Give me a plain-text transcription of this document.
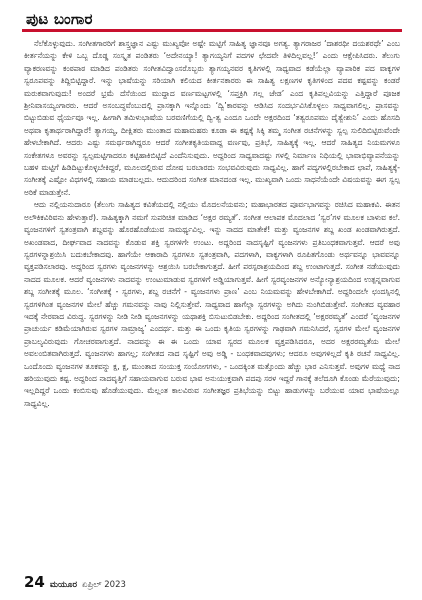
ಪುಟ ಬಂಗಾರ

ನೆಲೆಕೊಳ್ಳುವುದು. ಸಂಗೀತಗಾರರಿಗೆ ಶಾಸ್ತ್ರಜ್ಞಾನ ಎಷ್ಟು ಮುಖ್ಯವೋ ಅಷ್ಟೇ ಮಟ್ಟಿಗೆ ಸಾಹಿತ್ಯ ಜ್ಞಾನವೂ ಅಗತ್ಯ. ತ್ಯಾಗರಾಜರ ‘ದಾಶರಥೀ ದಯಶರಧೇ’ ಎಂಬ ಕೀರ್ತನೆಯನ್ನು ಕೇಳಿ ಒಬ್ಬ ದೊಡ್ಡ ಸಂಸ್ಕೃತ ಪಂಡಿತರು ‘ಅದೇನಯ್ಯಾ! ತ್ಯಾಗಯ್ಯನಿಗೆ ಪದಗಳ ಛೇದವೇ ತಿಳಿದಿಲ್ಲವಲ್ಲ!’ ಎಂದು ಆಕ್ಷೇಪಿಸಿದರು. ತೆಲುಗು ವ್ಯಾಕರಣವನ್ನು ಕಂಠಪಾಠ ಮಾಡಿದ ಪಂಡಿತರು ಸಂಗೀತವಿದ್ವಾಂಸರೊಬ್ಬರು ತ್ಯಾಗಯ್ಯನವರ ಕೃತಿಗಳಲ್ಲಿ ಸಾಧ್ಯವಾದ ಕಡೆಯೆಲ್ಲಾ ವ್ಯಾಪಾರಿಕ ಪದ ವಾಕ್ಯಗಳ ಸ್ವರೂಪವನ್ನು ತಿದ್ದಿಬಿಟ್ಟಿದ್ದಾರೆ. ಇನ್ನು ಭಾಷೆಯನ್ನು ಸರಿಯಾಗಿ ಕಲಿಯದ ಕೀರ್ತನಕಾರರು ಈ ಸಾಹಿತ್ಯ ಲಕ್ಷಣಗಳ ಕೃತಿಗಳಿಂದ ಪದವ ಕಷ್ಟವನ್ನು ಕಂಡರೆ ಮರುಕವಾಗುವುದು! ಅಂದರೆ ಭ್ರಮೆ ದೆಸೆಯಿಂದ ಮುದ್ದಾದ ವರ್ಣಮಟ್ಟಗಳಲ್ಲಿ ‘ಸಪ್ತಕ್ರಿಗಿ ಗಲ್ಲ ಜೇಡ’ ಎಂದ ಕೃತಿಪಲ್ಲವಿಯನ್ನು ಎತ್ತಿದ್ದಾರೆ ಪೂಜಕ ಶ್ರೀನಿವಾಸಯ್ಯಂಗಾರರು. ಆದರೆ ಅಸಂಬದ್ಧವೆಂಬುದಲ್ಲಿ ಪ್ರಾಸಕ್ಕಾಗಿ ಇನ್ನೊಂದು ‘ದ್ವಿ’ಕಾರವನ್ನು ಆಡಿಸಿದ ಸಂದರ್ಭವಿಸಿಕೊಳ್ಳಲು ಸಾಧ್ಯವಾಗಲಿಲ್ಲ. ಪ್ರಾಸವನ್ನು ಬಿಟ್ಟುಬಿಡುವ ಧೈರ್ಯವೂ ಇಲ್ಲ. ಹೀಗಾಗಿ ತಮಿಳುಭಾಷೆಯ ಬರವಣಿಗೆಯಲ್ಲಿ ದ್ವಿ-ತ್ವ ಎಂದೂ ಒಂದೇ ಅಕ್ಷರದಿಂದ ‘ತತ್ವರೂಪಮು ದೈತ್ವೇಶುನಿ’ ಎಂದು ಹೊಸದಿ ಅಥವಾ ಕೃತಾರ್ಥರಾಗಿದ್ದಾರೆ! ತ್ಯಾಗಯ್ಯ, ದೀಕ್ಷಿತರು ಮುಂತಾದ ಮಹಾಮಹರು ಕೂಡಾ ಈ ಕಷ್ಟಕ್ಕೆ ಸಿಕ್ಕಿ ತಮ್ಮ ಸಂಗೀತ ರಚನೆಗಳನ್ನು ಸ್ವಲ್ಪ ಸುಲಿದಿಬಿಟ್ಟಿರುವೆಂದೇ ಹೇಳಬೇಕಾಗಿದೆ. ಆದರು ಎಷ್ಟು ಸಮರ್ಥರಾಗಿದ್ದರೂ ಆದರೆ ಸಂಗೀತಕೃತಿಯವಾದ್ದ ವರ್ಣವು, ಪ್ರತಿಭೆ, ಸಾಹಿತ್ಯಕ್ಕೆ ಇಲ್ಲ. ಆದರೆ ಸಾಹಿತ್ಯದ ನಿಯಮಗಳೂ ಸಂಕೇತಗಳೂ ಅವರನ್ನು ಸ್ವಲ್ಪಮಟ್ಟಿಗಾದರೂ ಕಟ್ಟಿಹಾಕಿಬಿಟ್ಟಿದೆ ಎಂದೆನಿಸುವುದು. ಅದ್ದರಿಂದ ಸಾಧ್ಯವಾದಷ್ಟು ಗಳಲ್ಲಿ ನಿರ್ಮಾಣ ನಿಧಿಯಲ್ಲಿ ಭಾವಾಭಿವ್ಯಾಪನೆಯನ್ನು ಬಹಳ ಮಟ್ಟಿಗೆ ಹಿಡಿದಿಟ್ಟುಕೊಳ್ಳಬೇಕಿದ್ದರೆ, ಮೂಲದಲ್ಲಿರುವ ದೋಷ ಬರಬಾರದು ಸಂಭವವಿರುವುದು ಸಾಧ್ಯವಿಲ್ಲ. ಹಾಗೆ ಪದ್ಯಗಳಲ್ಲಿರಬೇಕಾದ ಛಾಪೆ, ಸಾಹಿತ್ಯಕ್ಕೆ-ಸಂಗೀತಕ್ಕೆ ಎಷ್ಟೋ ವಿಧಗಳಲ್ಲಿ ಸಹಾಯ ಮಾಡಬಲ್ಲದು. ಆದುದರಿಂದ ಸಂಗೀತ ಮಾನದಂಡ ಇಲ್ಲ. ಮುಖ್ಯವಾಗಿ ಒಂದು ಸಾಧನೆಯೆಂದೇ ವಿಷಯವನ್ನು ಈಗ ಸ್ವಲ್ಪ ಅರಿಕೆ ಮಾಡುತ್ತೇನೆ.

ಆದು ನಲ್ಲಿಯನುದಾರೂ (ತೆಲುಗು ಸಾಹಿತ್ಯದ ಕವಿತೆಯದಲ್ಲಿ ನಲ್ಲಿಯು ಮೊದಲನೆಯವನು; ಮಹಾಭಾರತದ ಪೂರ್ವಭಾಗವನ್ನು ರಚಿಸಿದ ಮಹಾಕವಿ. ಈತನ ಅಲೌಕಿಕವಿರಿವನು ಹೇಳುತ್ತಾರೆ). ಸಾಹಿತ್ಯಕ್ಕಾಗಿ ನಮಗೆ ಸುಪರಿಚಿತ ಮಾಡಿದ ‘ಅಕ್ಷರ ರಮ್ಯತೆ’. ಸಂಗೀತ ಆಲಾಪಕ ಮೊದಲಾದ ‘ಸ್ವರ’ಗಳ ಮೂಲಕ ಬಾಳುವ ಕಲೆ. ವ್ಯಂಜನಗಳಿಗೆ ಸ್ವತಂತ್ರವಾಗಿ ಶಬ್ದವನ್ನು ಹೊರಹೊಡೆಯುವ ಸಾಮರ್ಥ್ಯವಿಲ್ಲ. ಇನ್ನು ನಾದದ ಮಾತೇಕೆ! ಮತ್ತು ವ್ಯಂಜನಗಳ ಶಬ್ದ ಖಂಡ ಖಂಡವಾಗಿರುತ್ತದೆ. ಅಖಂಡವಾದ, ದೀರ್ಘವಾದ ನಾದವನ್ನು ಕೊಡುವ ಶಕ್ತಿ ಸ್ವರಗಳಿಗೇ ಉಂಟು. ಅದ್ದರಿಂದ ನಾದಸೃಷ್ಟಿಗೆ ವ್ಯಂಜನಗಳು ಪ್ರತಿಬಂಧಕವಾಗುತ್ತವೆ. ಆದರೆ ಅವು ಸ್ವರಗಳನ್ನಾಶ್ರಯಿಸಿ ಬದುಕಬೇಕಾದವು. ಹಾಗೆಯೇ ಆಕಾರಾದಿ ಸ್ವರಗಳೂ ಸ್ವತಂತ್ರವಾಗಿ, ಪದಗಳಾಗಿ, ವಾಕ್ಯಗಳಾಗಿ ರೂಪಿತಗೊಂಡು ಅರ್ಥವನ್ನೂ ಭಾವವನ್ನೂ ವ್ಯಕ್ತಪಡಿಸಲಾರವು. ಅದ್ದರಿಂದ ಸ್ವರಗಳು ವ್ಯಂಜನಗಳನ್ನು ಆಶ್ರಯಿಸಿ ಬರಬೇಕಾಗುತ್ತದೆ. ಹೀಗೆ ಪರಸ್ಪರಾಶ್ರಯದಿಂದ ಶಬ್ದ ಉಂಟಾಗುತ್ತದೆ. ಸಂಗೀತ ನಡೆಯುವುದು ನಾದದ ಮೂಲಕ. ಆದರೆ ವ್ಯಂಜನಗಳು ನಾದವನ್ನು ಉಂಟುಮಾಡುವ ಸ್ವರಗಳಿಗೆ ಅಡ್ಡಿಯಾಗುತ್ತವೆ. ಹೀಗೆ ಸ್ವರವ್ಯಂಜನಗಳ ಅನ್ಯೋನ್ಯಾಶ್ರಯದಿಂದ ಉತ್ಪನ್ನವಾಗುವ ಶಬ್ದ ಸಂಗೀತಕ್ಕೆ ಮೂಲ. ‘ಸಂಗೀತಕ್ಕೆ - ಸ್ವರಗಳು, ಶಬ್ದ ರಚನೆಗೆ - ವ್ಯಂಜನಗಳು ಪ್ರಾಣ’ ಎಂಬ ನಿಯಮವನ್ನು ಹೇಳಬೇಕಾಗಿದೆ. ಅದ್ದರಿಂದಲೇ ಛಂದಸ್ಸಿನಲ್ಲಿ ಸ್ವರಗಳಿಗಿಂತ ವ್ಯಂಜನಗಳ ಮೇಲೆ ಹೆಚ್ಚು ಗಮನವನ್ನು ನಾವು ನಿಲ್ಲಿಸುತ್ತೇವೆ. ಸಾಧ್ಯವಾದ ಹಾಗೆಲ್ಲಾ ಸ್ವರಗಳನ್ನು ಅಗಿದು ನುಂಗಿಬಿಡುತ್ತೇವೆ. ಸಂಗೀತದ ವ್ಯವಹಾರ ಇದಕ್ಕೆ ನೇರವಾದ ವಿರುದ್ಧ. ಸ್ವರಗಳನ್ನು ನೀಡಿ ನೀಡಿ ವ್ಯಂಜನಗಳನ್ನು ಯಥಾಶಕ್ತಿ ಬಿಸುಟುಬಿಡಬೇಕು. ಅದ್ದರಿಂದ ಸಂಗೀತದಲ್ಲಿ ‘ಅಕ್ಷರರಮ್ಯತೆ’ ಎಂದರೆ ‘ವ್ಯಂಜನಗಳ ಪ್ರಾಚುರ್ಯ ಕಡಿಮೆಯಾಗಿರುವ ಸ್ವರಗಳ ಸಾಮ್ರಾಜ್ಯ’ ಎಂದರ್ಥ. ಮತ್ತು ಈ ಒಂದು ಕೃತಿಯ ಸ್ವರಗಳನ್ನು ಗಾಢವಾಗಿ ಗಮನಿಸಿದರೆ, ಸ್ವರಗಳ ಮೇಲೆ ವ್ಯಂಜನಗಳ ಪ್ರಾಬಲ್ಯವಿರುವುದು ಗೋಚರವಾಗುತ್ತದೆ. ನಾದವನ್ನು ಈ ಈ ಒಂದು ಯಾವ ಸ್ವರದ ಮೂಲಕ ವ್ಯಕ್ತಪಡಿಸಿದರೂ, ಅದರ ಅಕ್ಷರರಮ್ಯತೆಯ ಮೇಲೆ ಅವಲಂಬಿತವಾಗಿರುತ್ತದೆ. ವ್ಯಂಜನಗಳು ಹಾಗಲ್ಲ; ಸಂಗೀತದ ನಾದ ಸೃಷ್ಟಿಗೆ ಅವು ಅಡ್ಡಿ - ಬಂಧಕವಾದವುಗಳು; ಆದರೂ ಅವುಗಳಿಲ್ಲದೆ ಕೃತಿ ರಚನೆ ಸಾಧ್ಯವಿಲ್ಲ. ಒಂದೊಂದು ವ್ಯಂಜನಗಳ ತೂಕವನ್ನು ಕ್ಷ, ಕ್ಷ, ಮುಂತಾದ ಸಂಯುಕ್ತ ಸಂಯೋಗಗಳು, - ಒಂದಕ್ಕಿಂತ ಮತ್ತೊಂದು ಹೆಚ್ಚು ಭಾರ ಎನಿಸುತ್ತವೆ. ಅವುಗಳ ಮಧ್ಯೆ ನಾದ ಹರಿಯುವುದು ಕಷ್ಟ. ಅದ್ದರಿಂದ ನಾದವೃತ್ತಿಗೆ ಸಹಾಯವಾಗುವ ಬರುವ ಭಾವ ಅನುಯುಕ್ತವಾಗಿ ಪದಪು ಸರಳ ಇದ್ದರೆ ಗಾನಕ್ಕೆ ತಲೆದೂಗಿ ಕೊಂಡು ಮೆರೆಯುವುದು; ಇಲ್ಲದಿದ್ದರೆ ಒಂದು ಕಂಬಿಸುವು ಹೊಡೆಯುವುದು. ಮೆಲ್ಲಂತ ಕಾಲವಿರುವ ಸಂಗೀತಜ್ಞರ ಪ್ರತಿಭೆಯನ್ನು ಬಿಟ್ಟು ಹಾಡುಗಳನ್ನು ಬರೆಯುವ ಯಾವ ಭಾಷೆಯಲ್ಲೂ ಸಾಧ್ಯವಿಲ್ಲ.

24 ಮಯೂರ ಏಪ್ರಿಲ್ 2023
